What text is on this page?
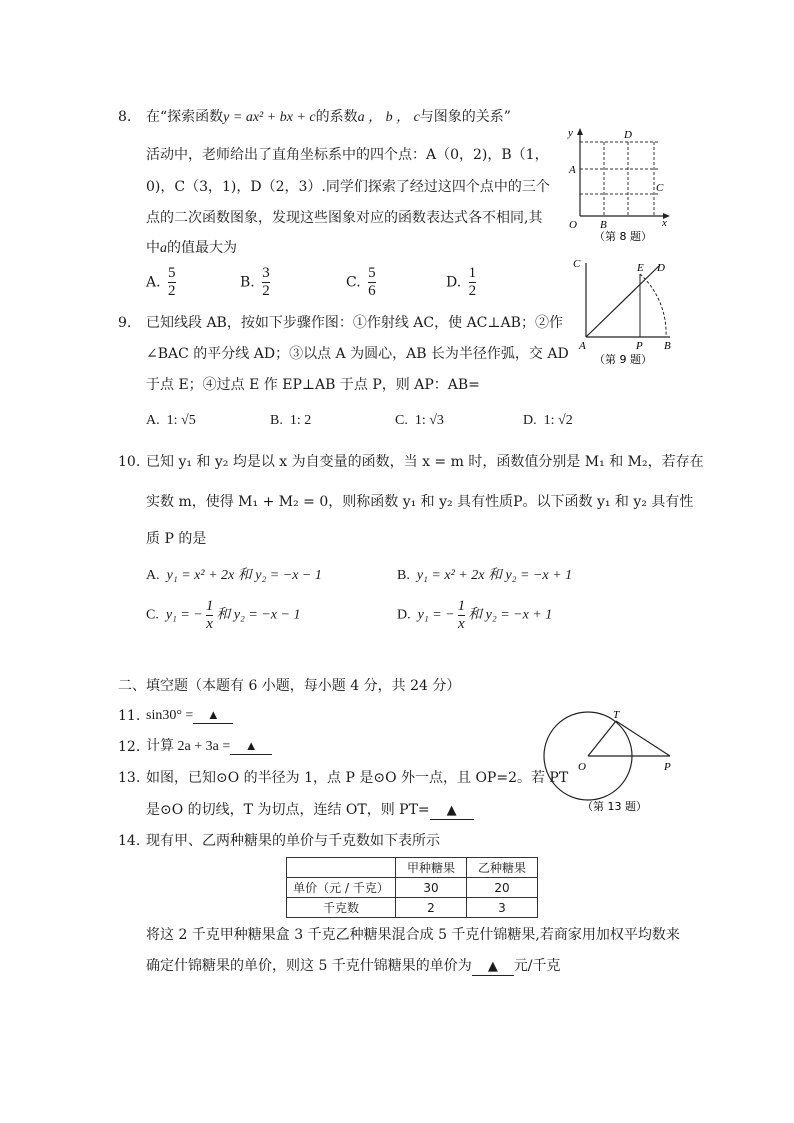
8. 在“探索函数y = ax² + bx + c的系数a ， b ， c与图象的关系”
活动中，老师给出了直角坐标系中的四个点：A（0，2)，B（1，
0)，C（3，1)，D（2，3）.同学们探索了经过这四个点中的三个
点的二次函数图象，发现这些图象对应的函数表达式各不相同,其
中a的值最大为
A. $\frac{5}{2}$	B. $\frac{3}{2}$	C. $\frac{5}{6}$	D. $\frac{1}{2}$
y
x
O
A
B
C
D
（第 8 题）
9. 已知线段 AB，按如下步骤作图：①作射线 AC，使 AC⊥AB；②作
∠BAC 的平分线 AD；③以点 A 为圆心，AB 长为半径作弧，交 AD
于点 E；④过点 E 作 EP⊥AB 于点 P，则 AP：AB=
A. 1: √5	B. 1: 2	C. 1: √3	D. 1: √2
C	E D
A	P B
（第 9 题）
10. 已知 y₁ 和 y₂ 均是以 x 为自变量的函数，当 x = m 时，函数值分别是 M₁ 和 M₂，若存在
实数 m，使得 M₁ + M₂ = 0，则称函数 y₁ 和 y₂ 具有性质P。以下函数 y₁ 和 y₂ 具有性
质 P 的是
A. y₁ = x² + 2x 和 y₂ = −x − 1	B. y₁ = x² + 2x 和 y₂ = −x + 1
C. y₁ = − $\frac{1}{x}$ 和 y₂ = −x − 1	D. y₁ = − $\frac{1}{x}$ 和 y₂ = −x + 1
二、填空题（本题有 6 小题，每小题 4 分，共 24 分）
11. sin30° = ▲
12. 计算 2a + 3a = ▲
13. 如图，已知⊙O 的半径为 1，点 P 是⊙O 外一点，且 OP=2。若 PT
是⊙O 的切线，T 为切点，连结 OT，则 PT= ▲
T
O	P
（第 13 题）
14. 现有甲、乙两种糖果的单价与千克数如下表所示
	甲种糖果	乙种糖果
单价（元 / 千克）	30	20
千克数	2	3
将这 2 千克甲种糖果盒 3 千克乙种糖果混合成 5 千克什锦糖果,若商家用加权平均数来
确定什锦糖果的单价，则这 5 千克什锦糖果的单价为 ▲ 元/千克
